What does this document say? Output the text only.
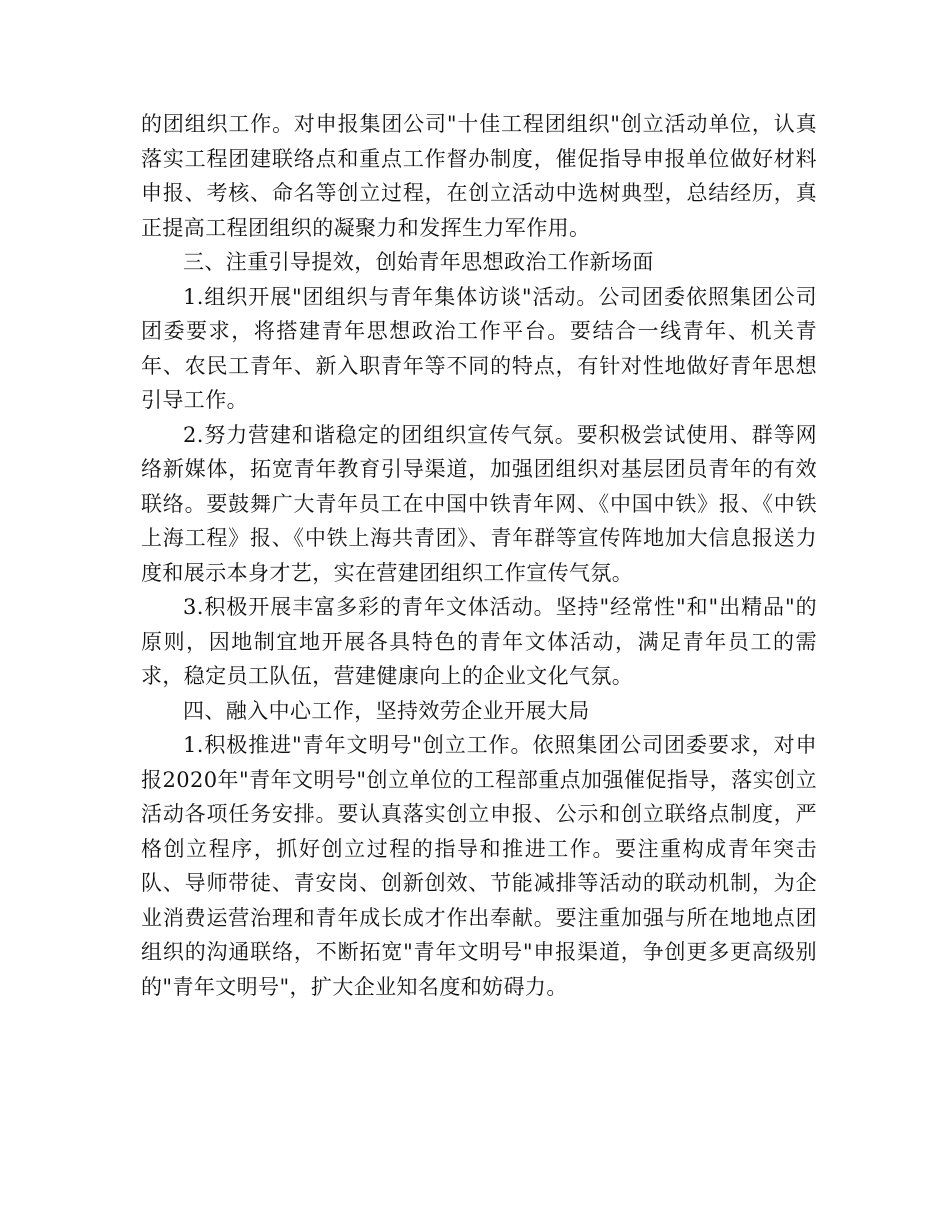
的团组织工作。对申报集团公司"十佳工程团组织"创立活动单位，认真落实工程团建联络点和重点工作督办制度，催促指导申报单位做好材料申报、考核、命名等创立过程，在创立活动中选树典型，总结经历，真正提高工程团组织的凝聚力和发挥生力军作用。

三、注重引导提效，创始青年思想政治工作新场面

1.组织开展"团组织与青年集体访谈"活动。公司团委依照集团公司团委要求，将搭建青年思想政治工作平台。要结合一线青年、机关青年、农民工青年、新入职青年等不同的特点，有针对性地做好青年思想引导工作。

2.努力营建和谐稳定的团组织宣传气氛。要积极尝试使用、群等网络新媒体，拓宽青年教育引导渠道，加强团组织对基层团员青年的有效联络。要鼓舞广大青年员工在中国中铁青年网、《中国中铁》报、《中铁上海工程》报、《中铁上海共青团》、青年群等宣传阵地加大信息报送力度和展示本身才艺，实在营建团组织工作宣传气氛。

3.积极开展丰富多彩的青年文体活动。坚持"经常性"和"出精品"的原则，因地制宜地开展各具特色的青年文体活动，满足青年员工的需求，稳定员工队伍，营建健康向上的企业文化气氛。

四、融入中心工作，坚持效劳企业开展大局

1.积极推进"青年文明号"创立工作。依照集团公司团委要求，对申报2020年"青年文明号"创立单位的工程部重点加强催促指导，落实创立活动各项任务安排。要认真落实创立申报、公示和创立联络点制度，严格创立程序，抓好创立过程的指导和推进工作。要注重构成青年突击队、导师带徒、青安岗、创新创效、节能减排等活动的联动机制，为企业消费运营治理和青年成长成才作出奉献。要注重加强与所在地地点团组织的沟通联络，不断拓宽"青年文明号"申报渠道，争创更多更高级别的"青年文明号"，扩大企业知名度和妨碍力。
